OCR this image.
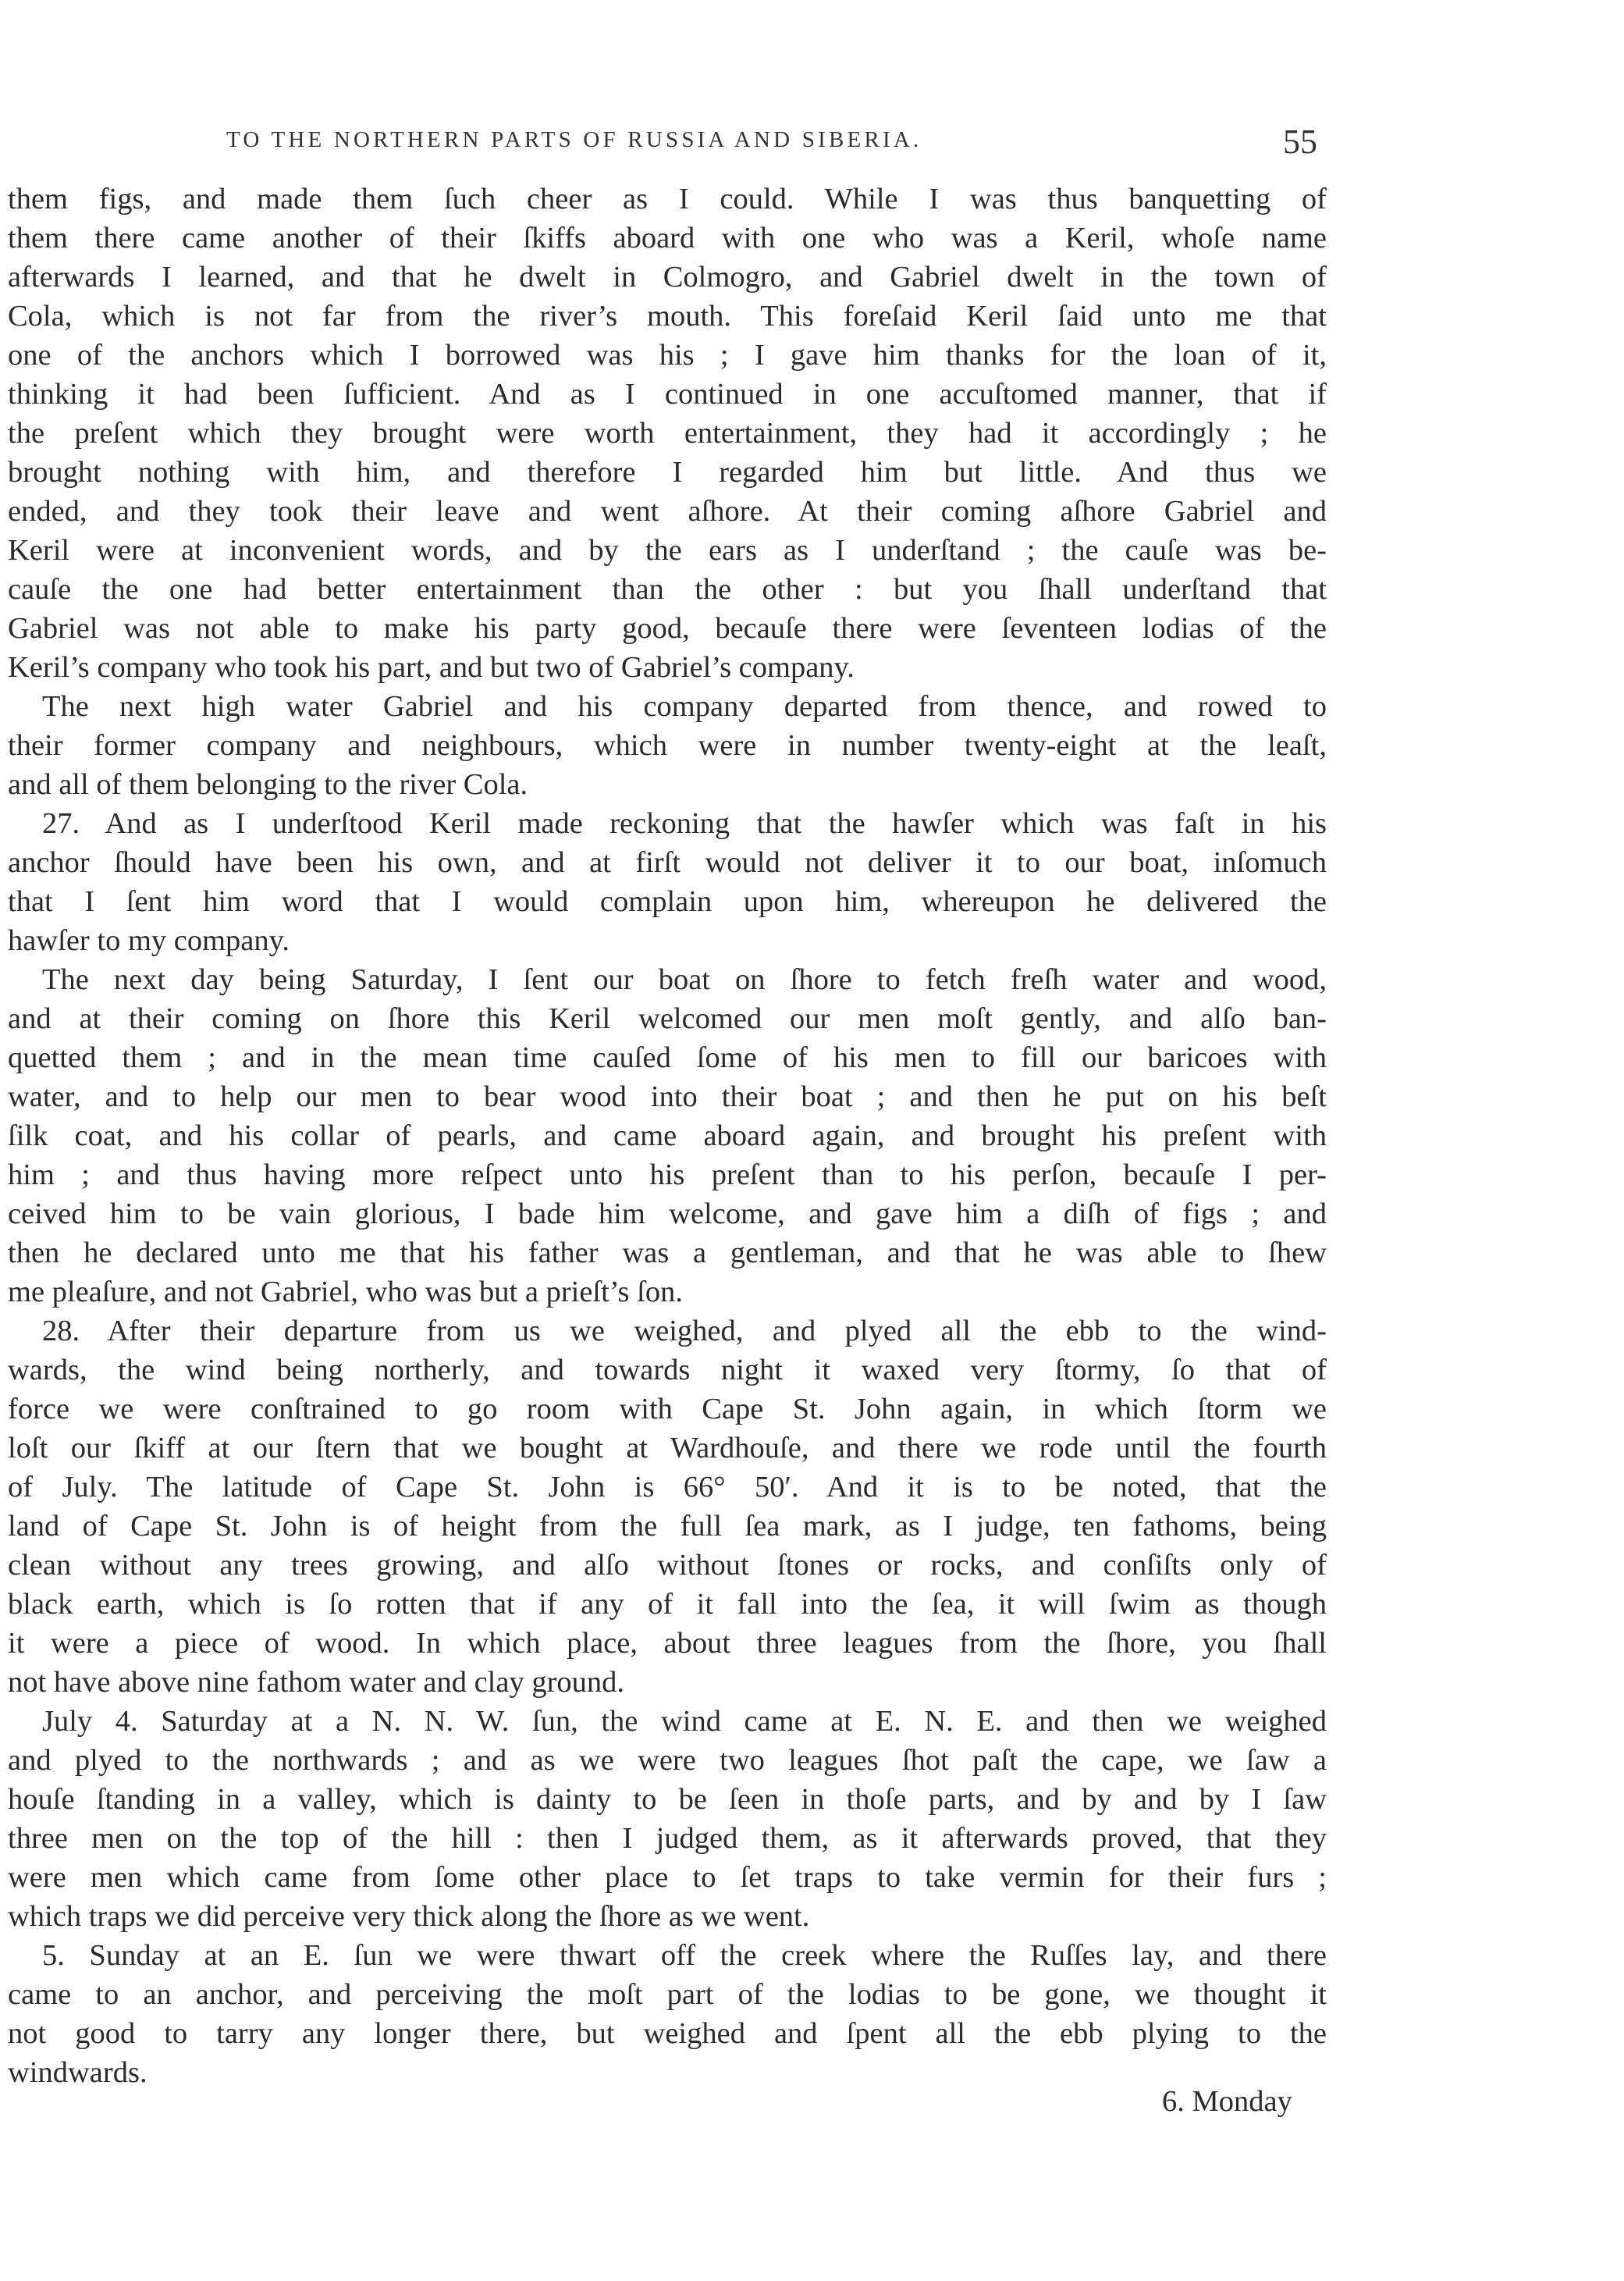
TO THE NORTHERN PARTS OF RUSSIA AND SIBERIA.	55
them figs, and made them ſuch cheer as I could. While I was thus banquetting of
them there came another of their ſkiffs aboard with one who was a Keril, whoſe name
afterwards I learned, and that he dwelt in Colmogro, and Gabriel dwelt in the town of
Cola, which is not far from the river’s mouth. This foreſaid Keril ſaid unto me that
one of the anchors which I borrowed was his ; I gave him thanks for the loan of it,
thinking it had been ſufficient. And as I continued in one accuſtomed manner, that if
the preſent which they brought were worth entertainment, they had it accordingly ; he
brought nothing with him, and therefore I regarded him but little. And thus we
ended, and they took their leave and went aſhore. At their coming aſhore Gabriel and
Keril were at inconvenient words, and by the ears as I underſtand ; the cauſe was be-
cauſe the one had better entertainment than the other : but you ſhall underſtand that
Gabriel was not able to make his party good, becauſe there were ſeventeen lodias of the
Keril’s company who took his part, and but two of Gabriel’s company.
The next high water Gabriel and his company departed from thence, and rowed to
their former company and neighbours, which were in number twenty-eight at the leaſt,
and all of them belonging to the river Cola.
27. And as I underſtood Keril made reckoning that the hawſer which was faſt in his
anchor ſhould have been his own, and at firſt would not deliver it to our boat, inſomuch
that I ſent him word that I would complain upon him, whereupon he delivered the
hawſer to my company.
The next day being Saturday, I ſent our boat on ſhore to fetch freſh water and wood,
and at their coming on ſhore this Keril welcomed our men moſt gently, and alſo ban-
quetted them ; and in the mean time cauſed ſome of his men to fill our baricoes with
water, and to help our men to bear wood into their boat ; and then he put on his beſt
ſilk coat, and his collar of pearls, and came aboard again, and brought his preſent with
him ; and thus having more reſpect unto his preſent than to his perſon, becauſe I per-
ceived him to be vain glorious, I bade him welcome, and gave him a diſh of figs ; and
then he declared unto me that his father was a gentleman, and that he was able to ſhew
me pleaſure, and not Gabriel, who was but a prieſt’s ſon.
28. After their departure from us we weighed, and plyed all the ebb to the wind-
wards, the wind being northerly, and towards night it waxed very ſtormy, ſo that of
force we were conſtrained to go room with Cape St. John again, in which ſtorm we
loſt our ſkiff at our ſtern that we bought at Wardhouſe, and there we rode until the fourth
of July. The latitude of Cape St. John is 66° 50′. And it is to be noted, that the
land of Cape St. John is of height from the full ſea mark, as I judge, ten fathoms, being
clean without any trees growing, and alſo without ſtones or rocks, and conſiſts only of
black earth, which is ſo rotten that if any of it fall into the ſea, it will ſwim as though
it were a piece of wood. In which place, about three leagues from the ſhore, you ſhall
not have above nine fathom water and clay ground.
July 4. Saturday at a N. N. W. ſun, the wind came at E. N. E. and then we weighed
and plyed to the northwards ; and as we were two leagues ſhot paſt the cape, we ſaw a
houſe ſtanding in a valley, which is dainty to be ſeen in thoſe parts, and by and by I ſaw
three men on the top of the hill : then I judged them, as it afterwards proved, that they
were men which came from ſome other place to ſet traps to take vermin for their furs ;
which traps we did perceive very thick along the ſhore as we went.
5. Sunday at an E. ſun we were thwart off the creek where the Ruſſes lay, and there
came to an anchor, and perceiving the moſt part of the lodias to be gone, we thought it
not good to tarry any longer there, but weighed and ſpent all the ebb plying to the
windwards.
6. Monday
